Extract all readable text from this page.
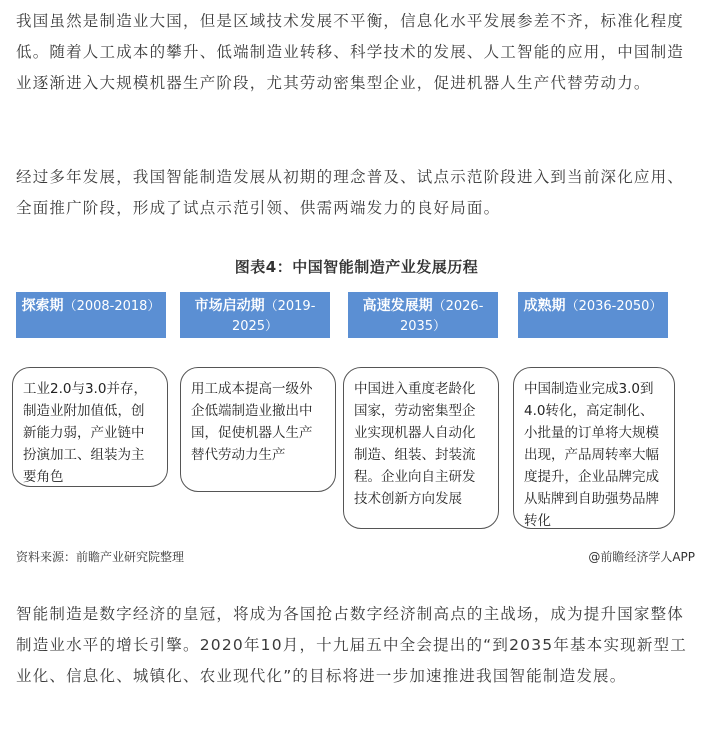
我国虽然是制造业大国，但是区域技术发展不平衡，信息化水平发展参差不齐，标准化程度低。随着人工成本的攀升、低端制造业转移、科学技术的发展、人工智能的应用，中国制造业逐渐进入大规模机器生产阶段，尤其劳动密集型企业，促进机器人生产代替劳动力。

经过多年发展，我国智能制造发展从初期的理念普及、试点示范阶段进入到当前深化应用、全面推广阶段，形成了试点示范引领、供需两端发力的良好局面。

图表4：中国智能制造产业发展历程
探索期（2008-2018）	市场启动期（2019-2025）
高速发展期（2026-2035）
成熟期（2036-2050）
工业2.0与3.0并存，制造业附加值低，创新能力弱，产业链中扮演加工、组装为主要角色
用工成本提高一级外企低端制造业撤出中国，促使机器人生产替代劳动力生产
中国进入重度老龄化国家，劳动密集型企业实现机器人自动化制造、组装、封装流程。企业向自主研发技术创新方向发展
中国制造业完成3.0到4.0转化，高定制化、小批量的订单将大规模出现，产品周转率大幅度提升，企业品牌完成从贴牌到自助强势品牌转化
资料来源：前瞻产业研究院整理	@前瞻经济学人APP

智能制造是数字经济的皇冠，将成为各国抢占数字经济制高点的主战场，成为提升国家整体制造业水平的增长引擎。2020年10月，十九届五中全会提出的“到2035年基本实现新型工业化、信息化、城镇化、农业现代化”的目标将进一步加速推进我国智能制造发展。
